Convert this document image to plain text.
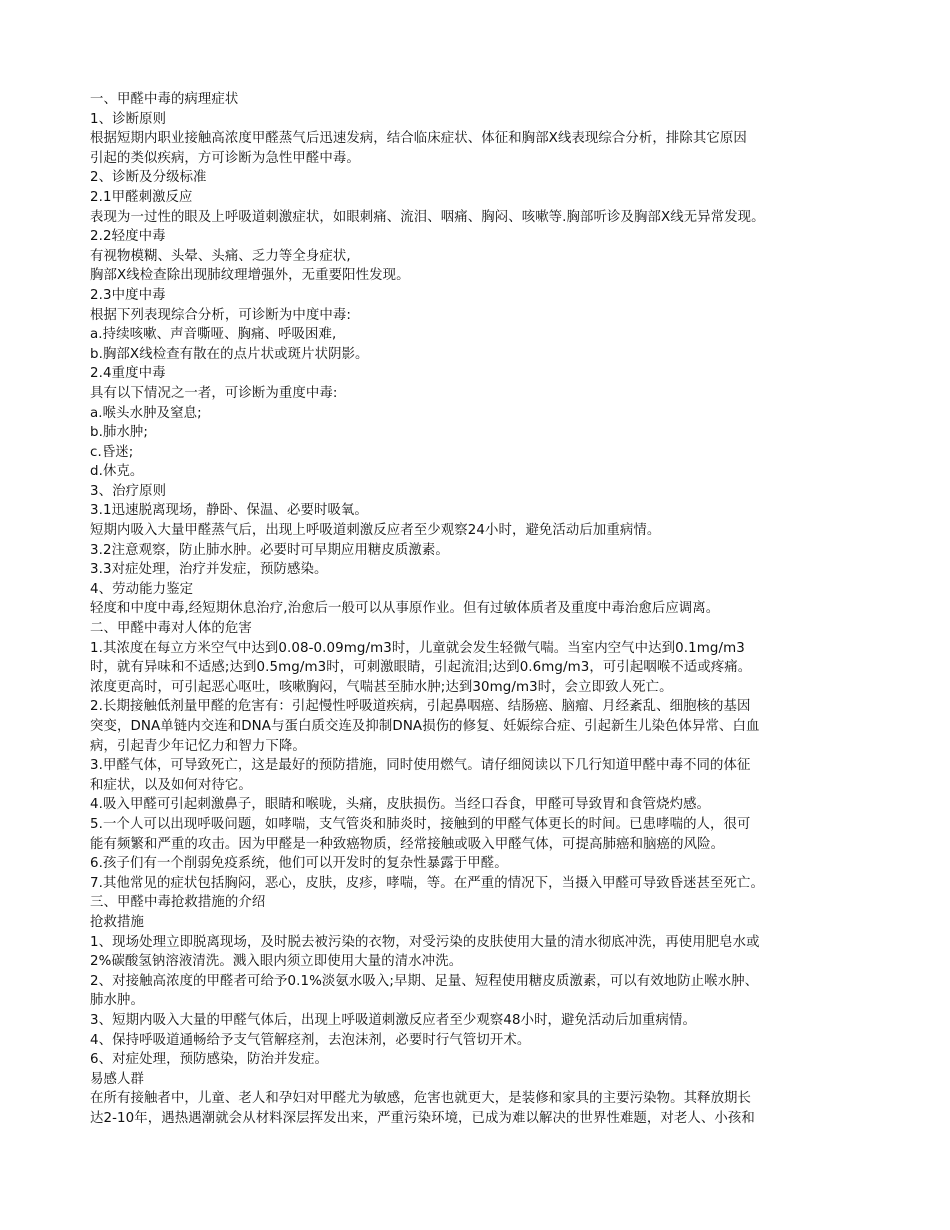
一、甲醛中毒的病理症状

1、诊断原则

根据短期内职业接触高浓度甲醛蒸气后迅速发病，结合临床症状、体征和胸部X线表现综合分析，排除其它原因

引起的类似疾病，方可诊断为急性甲醛中毒。

2、诊断及分级标准

2.1甲醛刺激反应

表现为一过性的眼及上呼吸道刺激症状，如眼刺痛、流泪、咽痛、胸闷、咳嗽等.胸部听诊及胸部X线无异常发现。

2.2轻度中毒

有视物模糊、头晕、头痛、乏力等全身症状,

胸部X线检查除出现肺纹理增强外，无重要阳性发现。

2.3中度中毒

根据下列表现综合分析，可诊断为中度中毒:

a.持续咳嗽、声音嘶哑、胸痛、呼吸困难,

b.胸部X线检查有散在的点片状或斑片状阴影。

2.4重度中毒

具有以下情况之一者，可诊断为重度中毒:

a.喉头水肿及窒息;

b.肺水肿;

c.昏迷;

d.休克。

3、治疗原则

3.1迅速脱离现场，静卧、保温、必要时吸氧。

短期内吸入大量甲醛蒸气后，出现上呼吸道刺激反应者至少观察24小时，避免活动后加重病情。

3.2注意观察，防止肺水肿。必要时可早期应用糖皮质激素。

3.3对症处理，治疗并发症，预防感染。

4、劳动能力鉴定

轻度和中度中毒,经短期休息治疗,治愈后一般可以从事原作业。但有过敏体质者及重度中毒治愈后应调离。

二、甲醛中毒对人体的危害

1.其浓度在每立方米空气中达到0.08-0.09mg/m3时，儿童就会发生轻微气喘。当室内空气中达到0.1mg/m3

时，就有异味和不适感;达到0.5mg/m3时，可刺激眼睛，引起流泪;达到0.6mg/m3，可引起咽喉不适或疼痛。

浓度更高时，可引起恶心呕吐，咳嗽胸闷，气喘甚至肺水肿;达到30mg/m3时，会立即致人死亡。

2.长期接触低剂量甲醛的危害有：引起慢性呼吸道疾病，引起鼻咽癌、结肠癌、脑瘤、月经紊乱、细胞核的基因

突变，DNA单链内交连和DNA与蛋白质交连及抑制DNA损伤的修复、妊娠综合症、引起新生儿染色体异常、白血

病，引起青少年记忆力和智力下降。

3.甲醛气体，可导致死亡，这是最好的预防措施，同时使用燃气。请仔细阅读以下几行知道甲醛中毒不同的体征

和症状，以及如何对待它。

4.吸入甲醛可引起刺激鼻子，眼睛和喉咙，头痛，皮肤损伤。当经口吞食，甲醛可导致胃和食管烧灼感。

5.一个人可以出现呼吸问题，如哮喘，支气管炎和肺炎时，接触到的甲醛气体更长的时间。已患哮喘的人，很可

能有频繁和严重的攻击。因为甲醛是一种致癌物质，经常接触或吸入甲醛气体，可提高肺癌和脑癌的风险。

6.孩子们有一个削弱免疫系统，他们可以开发时的复杂性暴露于甲醛。

7.其他常见的症状包括胸闷，恶心，皮肤，皮疹，哮喘，等。在严重的情况下，当摄入甲醛可导致昏迷甚至死亡。

三、甲醛中毒抢救措施的介绍

抢救措施

1、现场处理立即脱离现场，及时脱去被污染的衣物，对受污染的皮肤使用大量的清水彻底冲洗，再使用肥皂水或

2%碳酸氢钠溶液清洗。溅入眼内须立即使用大量的清水冲洗。

2、对接触高浓度的甲醛者可给予0.1%淡氨水吸入;早期、足量、短程使用糖皮质激素，可以有效地防止喉水肿、

肺水肿。

3、短期内吸入大量的甲醛气体后，出现上呼吸道刺激反应者至少观察48小时，避免活动后加重病情。

4、保持呼吸道通畅给予支气管解痉剂，去泡沫剂，必要时行气管切开术。

6、对症处理，预防感染，防治并发症。

易感人群

在所有接触者中，儿童、老人和孕妇对甲醛尤为敏感，危害也就更大，是装修和家具的主要污染物。其释放期长

达2-10年，遇热遇潮就会从材料深层挥发出来，严重污染环境，已成为难以解决的世界性难题，对老人、小孩和
